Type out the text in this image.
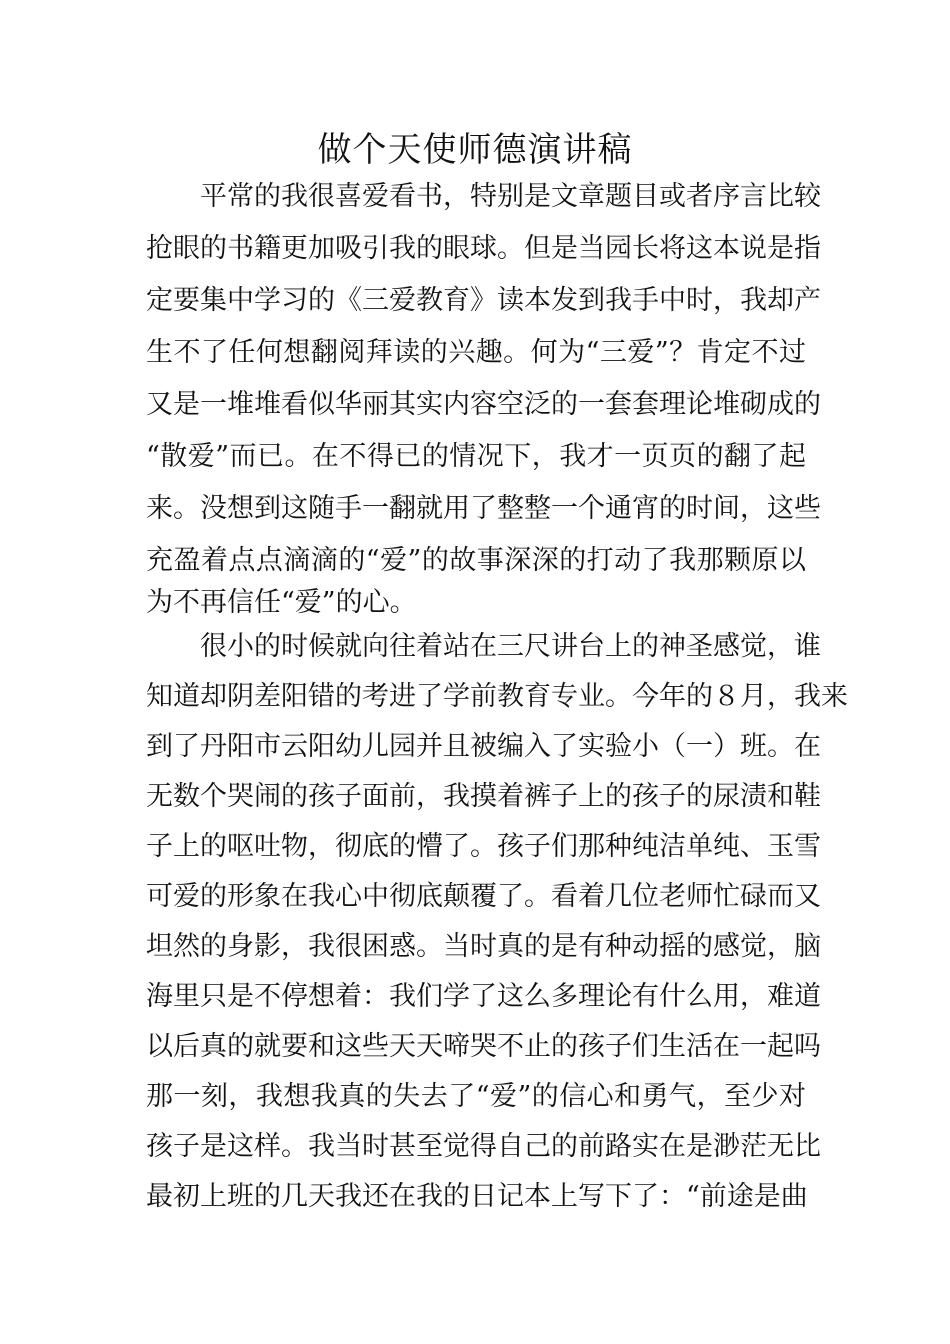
做个天使师德演讲稿
平常的我很喜爱看书，特别是文章题目或者序言比较
抢眼的书籍更加吸引我的眼球。但是当园长将这本说是指
定要集中学习的《三爱教育》读本发到我手中时，我却产
生不了任何想翻阅拜读的兴趣。何为“三爱”？肯定不过
又是一堆堆看似华丽其实内容空泛的一套套理论堆砌成的
“散爱”而已。在不得已的情况下，我才一页页的翻了起
来。没想到这随手一翻就用了整整一个通宵的时间，这些
充盈着点点滴滴的“爱”的故事深深的打动了我那颗原以
为不再信任“爱”的心。
很小的时候就向往着站在三尺讲台上的神圣感觉，谁
知道却阴差阳错的考进了学前教育专业。今年的８月，我来
到了丹阳市云阳幼儿园并且被编入了实验小（一）班。在
无数个哭闹的孩子面前，我摸着裤子上的孩子的尿渍和鞋
子上的呕吐物，彻底的懵了。孩子们那种纯洁单纯、玉雪
可爱的形象在我心中彻底颠覆了。看着几位老师忙碌而又
坦然的身影，我很困惑。当时真的是有种动摇的感觉，脑
海里只是不停想着：我们学了这么多理论有什么用，难道
以后真的就要和这些天天啼哭不止的孩子们生活在一起吗
那一刻，我想我真的失去了“爱”的信心和勇气，至少对
孩子是这样。我当时甚至觉得自己的前路实在是渺茫无比
最初上班的几天我还在我的日记本上写下了：“前途是曲
